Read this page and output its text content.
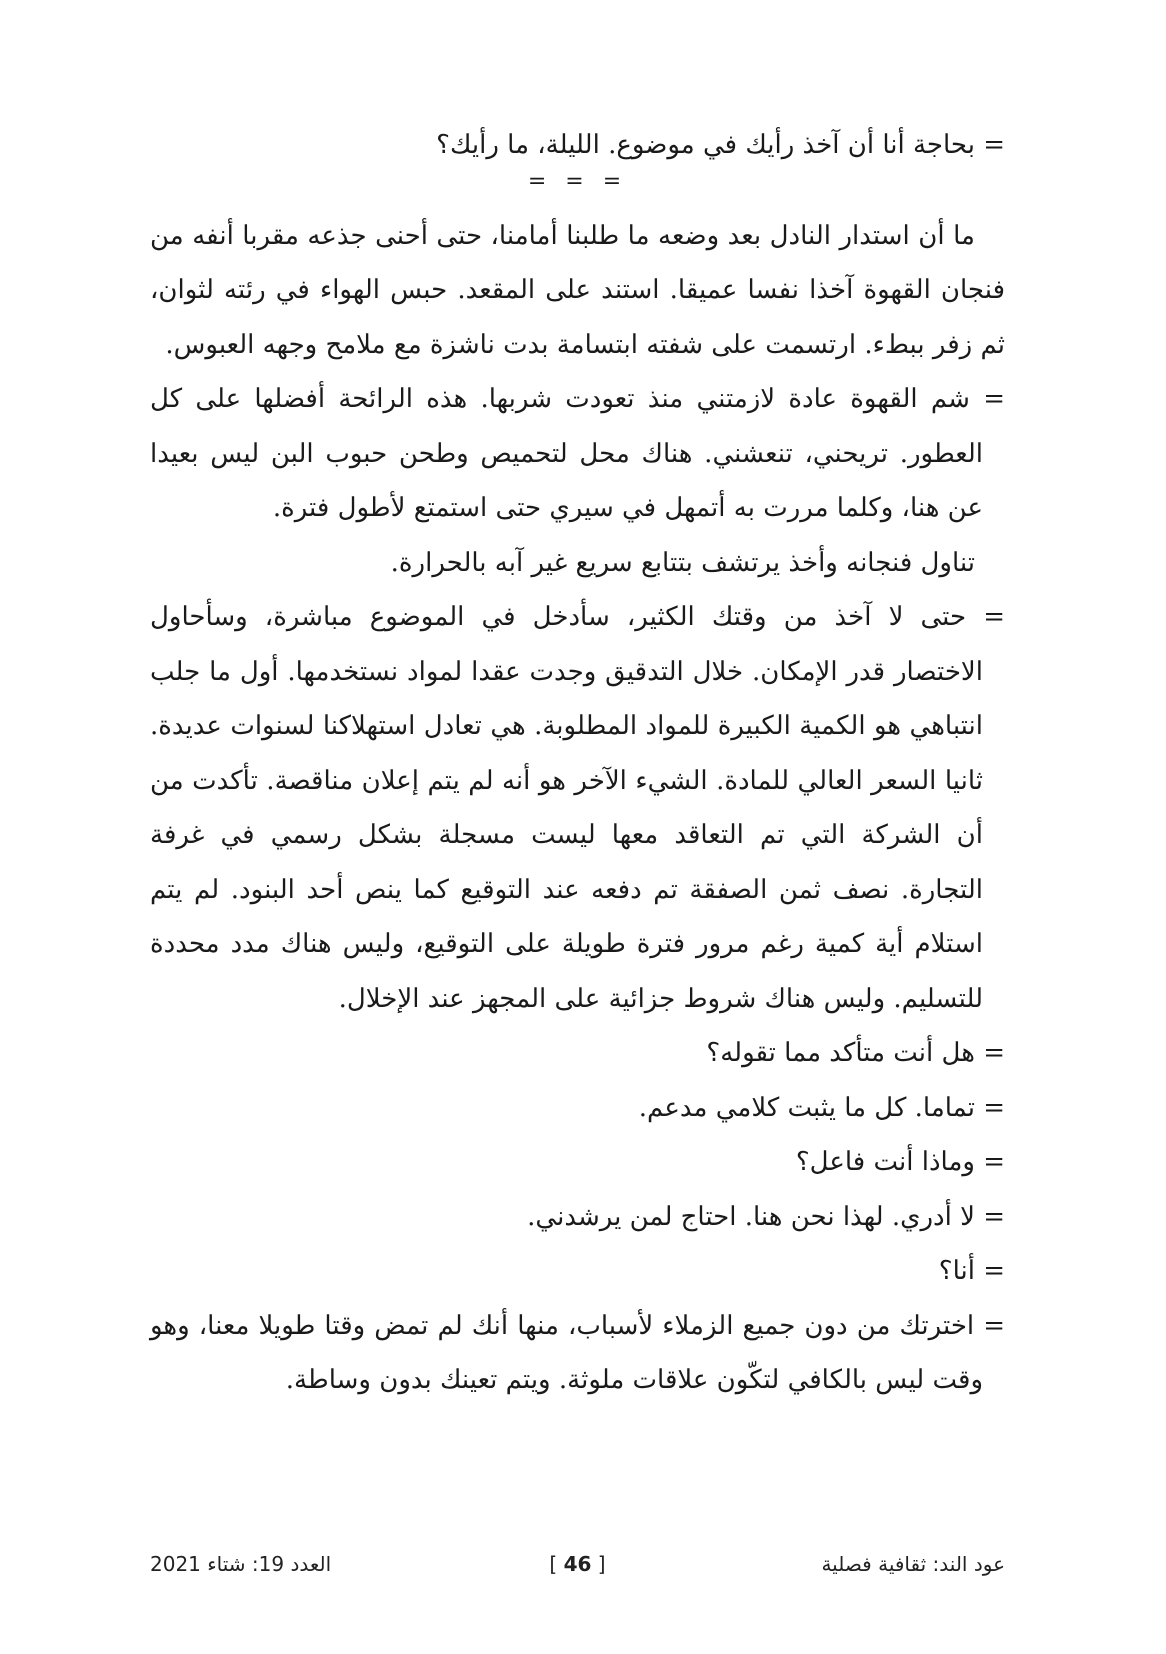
= بحاجة أنا أن آخذ رأيك في موضوع. الليلة، ما رأيك؟

= = =

ما أن استدار النادل بعد وضعه ما طلبنا أمامنا، حتى أحنى جذعه مقربا أنفه من فنجان القهوة آخذا نفسا عميقا. استند على المقعد. حبس الهواء في رئته لثوان، ثم زفر ببطء. ارتسمت على شفته ابتسامة بدت ناشزة مع ملامح وجهه العبوس.

= شم القهوة عادة لازمتني منذ تعودت شربها. هذه الرائحة أفضلها على كل العطور. تريحني، تنعشني. هناك محل لتحميص وطحن حبوب البن ليس بعيدا عن هنا، وكلما مررت به أتمهل في سيري حتى استمتع لأطول فترة.

تناول فنجانه وأخذ يرتشف بتتابع سريع غير آبه بالحرارة.

= حتى لا آخذ من وقتك الكثير، سأدخل في الموضوع مباشرة، وسأحاول الاختصار قدر الإمكان. خلال التدقيق وجدت عقدا لمواد نستخدمها. أول ما جلب انتباهي هو الكمية الكبيرة للمواد المطلوبة. هي تعادل استهلاكنا لسنوات عديدة. ثانيا السعر العالي للمادة. الشيء الآخر هو أنه لم يتم إعلان مناقصة. تأكدت من أن الشركة التي تم التعاقد معها ليست مسجلة بشكل رسمي في غرفة التجارة. نصف ثمن الصفقة تم دفعه عند التوقيع كما ينص أحد البنود. لم يتم استلام أية كمية رغم مرور فترة طويلة على التوقيع، وليس هناك مدد محددة للتسليم. وليس هناك شروط جزائية على المجهز عند الإخلال.

= هل أنت متأكد مما تقوله؟

= تماما. كل ما يثبت كلامي مدعم.

= وماذا أنت فاعل؟

= لا أدري. لهذا نحن هنا. احتاج لمن يرشدني.

= أنا؟

= اخترتك من دون جميع الزملاء لأسباب، منها أنك لم تمض وقتا طويلا معنا، وهو وقت ليس بالكافي لتكّون علاقات ملوثة. ويتم تعينك بدون وساطة.

عود الند: ثقافية فصلية
[ 46 ]
العدد 19: شتاء 2021
